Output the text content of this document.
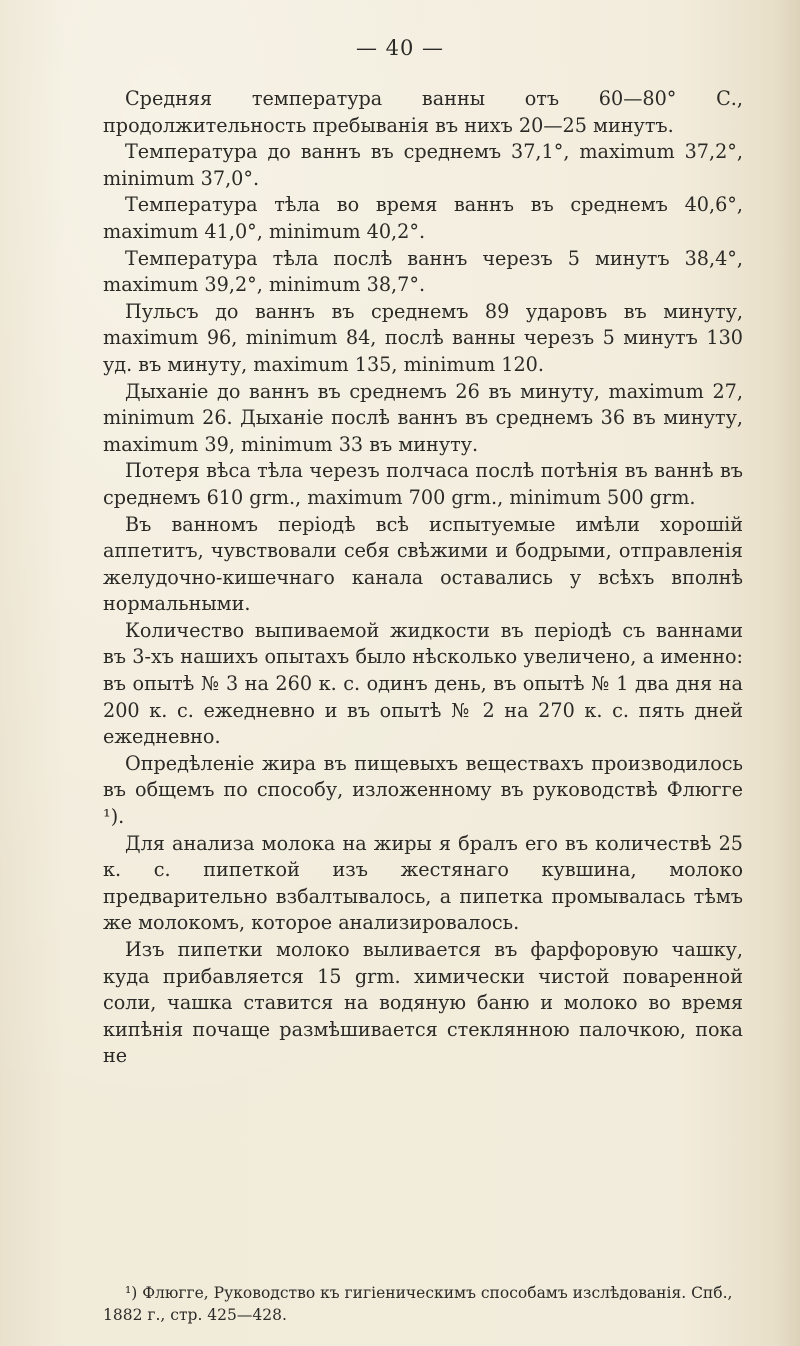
— 40 —

Средняя температура ванны отъ 60—80° С., продолжительность пребыванія въ нихъ 20—25 минутъ.

Температура до ваннъ въ среднемъ 37,1°, maximum 37,2°, minimum 37,0°.

Температура тѣла во время ваннъ въ среднемъ 40,6°, maximum 41,0°, minimum 40,2°.

Температура тѣла послѣ ваннъ черезъ 5 минутъ 38,4°, maximum 39,2°, minimum 38,7°.

Пульсъ до ваннъ въ среднемъ 89 ударовъ въ минуту, maximum 96, minimum 84, послѣ ванны черезъ 5 минутъ 130 уд. въ минуту, maximum 135, minimum 120.

Дыханіе до ваннъ въ среднемъ 26 въ минуту, maximum 27, minimum 26. Дыханіе послѣ ваннъ въ среднемъ 36 въ минуту, maximum 39, minimum 33 въ минуту.

Потеря вѣса тѣла черезъ полчаса послѣ потѣнія въ ваннѣ въ среднемъ 610 grm., maximum 700 grm., minimum 500 grm.

Въ ванномъ періодѣ всѣ испытуемые имѣли хорошій аппетитъ, чувствовали себя свѣжими и бодрыми, отправленія желудочно-кишечнаго канала оставались у всѣхъ вполнѣ нормальными.

Количество выпиваемой жидкости въ періодѣ съ ваннами въ 3-хъ нашихъ опытахъ было нѣсколько увеличено, а именно: въ опытѣ № 3 на 260 к. с. одинъ день, въ опытѣ № 1 два дня на 200 к. с. ежедневно и въ опытѣ № 2 на 270 к. с. пять дней ежедневно.

Опредѣленіе жира въ пищевыхъ веществахъ производилось въ общемъ по способу, изложенному въ руководствѣ Флюгге ¹).

Для анализа молока на жиры я бралъ его въ количествѣ 25 к. с. пипеткой изъ жестянаго кувшина, молоко предварительно взбалтывалось, а пипетка промывалась тѣмъ же молокомъ, которое анализировалось.

Изъ пипетки молоко выливается въ фарфоровую чашку, куда прибавляется 15 grm. химически чистой поваренной соли, чашка ставится на водяную баню и молоко во время кипѣнія почаще размѣшивается стеклянною палочкою, пока не

¹) Флюгге, Руководство къ гигіеническимъ способамъ изслѣдованія. Спб., 1882 г., стр. 425—428.
